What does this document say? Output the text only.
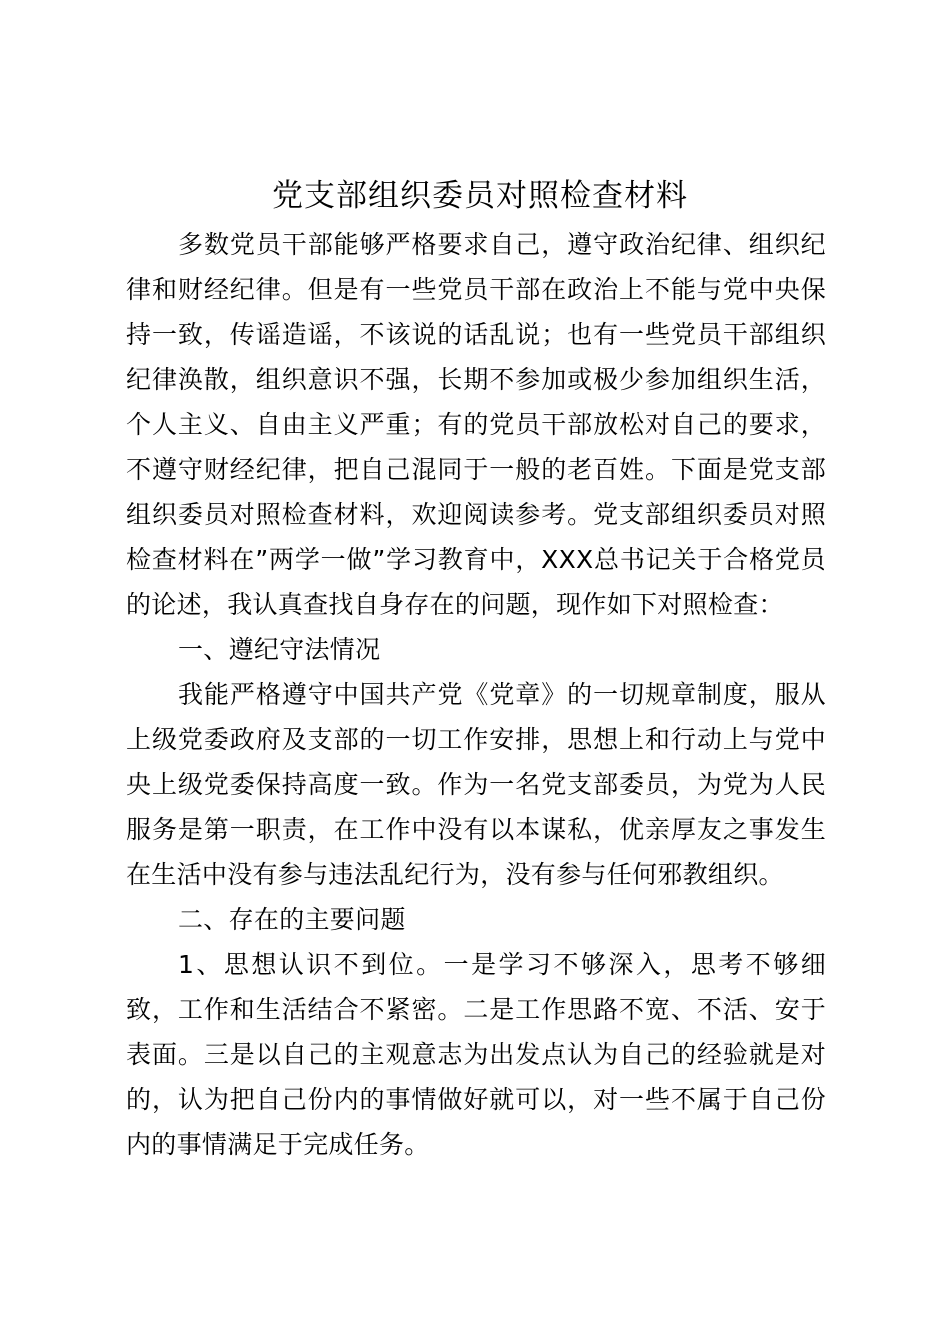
党支部组织委员对照检查材料

多数党员干部能够严格要求自己，遵守政治纪律、组织纪律和财经纪律。但是有一些党员干部在政治上不能与党中央保持一致，传谣造谣，不该说的话乱说；也有一些党员干部组织纪律涣散，组织意识不强，长期不参加或极少参加组织生活，个人主义、自由主义严重；有的党员干部放松对自己的要求，不遵守财经纪律，把自己混同于一般的老百姓。下面是党支部组织委员对照检查材料，欢迎阅读参考。党支部组织委员对照检查材料在”两学一做”学习教育中，XXX总书记关于合格党员的论述，我认真查找自身存在的问题，现作如下对照检查：

一、遵纪守法情况

我能严格遵守中国共产党《党章》的一切规章制度，服从上级党委政府及支部的一切工作安排，思想上和行动上与党中央上级党委保持高度一致。作为一名党支部委员，为党为人民服务是第一职责，在工作中没有以本谋私，优亲厚友之事发生在生活中没有参与违法乱纪行为，没有参与任何邪教组织。

二、存在的主要问题

1、思想认识不到位。一是学习不够深入，思考不够细致，工作和生活结合不紧密。二是工作思路不宽、不活、安于表面。三是以自己的主观意志为出发点认为自己的经验就是对的，认为把自己份内的事情做好就可以，对一些不属于自己份内的事情满足于完成任务。
